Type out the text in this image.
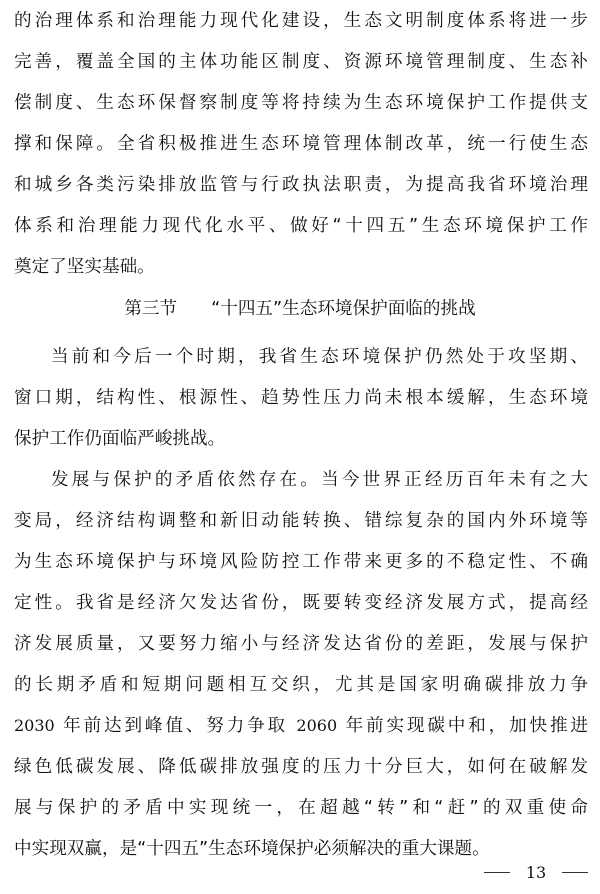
的治理体系和治理能力现代化建设，生态文明制度体系将进一步
完善，覆盖全国的主体功能区制度、资源环境管理制度、生态补
偿制度、生态环保督察制度等将持续为生态环境保护工作提供支
撑和保障。全省积极推进生态环境管理体制改革，统一行使生态
和城乡各类污染排放监管与行政执法职责，为提高我省环境治理
体系和治理能力现代化水平、做好“十四五”生态环境保护工作
奠定了坚实基础。
第三节 “十四五”生态环境保护面临的挑战
当前和今后一个时期，我省生态环境保护仍然处于攻坚期、
窗口期，结构性、根源性、趋势性压力尚未根本缓解，生态环境
保护工作仍面临严峻挑战。
发展与保护的矛盾依然存在。当今世界正经历百年未有之大
变局，经济结构调整和新旧动能转换、错综复杂的国内外环境等
为生态环境保护与环境风险防控工作带来更多的不稳定性、不确
定性。我省是经济欠发达省份，既要转变经济发展方式，提高经
济发展质量，又要努力缩小与经济发达省份的差距，发展与保护
的长期矛盾和短期问题相互交织，尤其是国家明确碳排放力争
2030 年前达到峰值、努力争取 2060 年前实现碳中和，加快推进
绿色低碳发展、降低碳排放强度的压力十分巨大，如何在破解发
展与保护的矛盾中实现统一，在超越“转”和“赶”的双重使命
中实现双赢，是“十四五”生态环境保护必须解决的重大课题。
13
